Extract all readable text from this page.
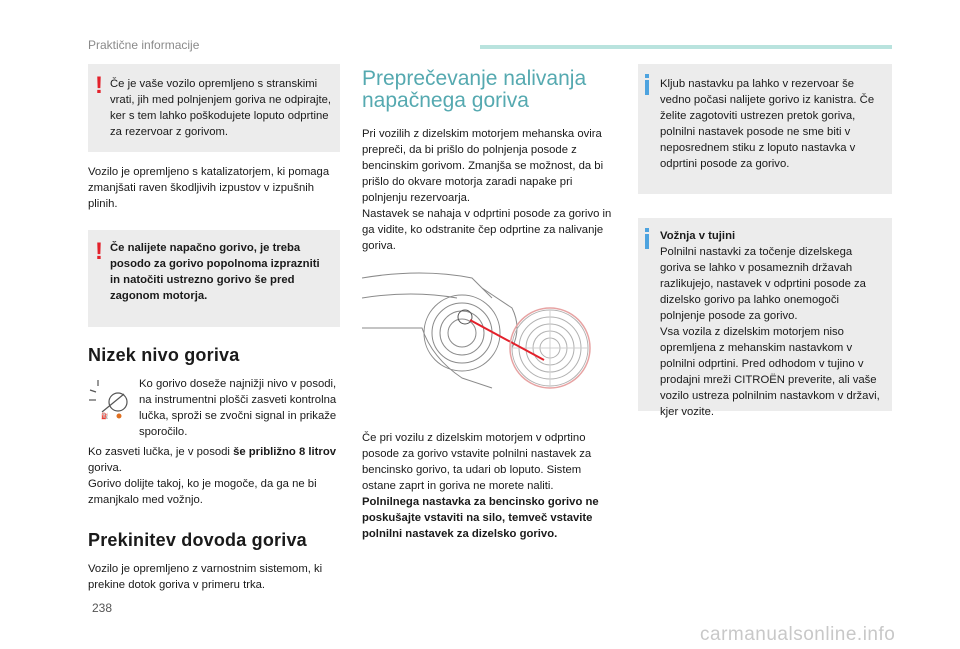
Praktične informacije
! Če je vaše vozilo opremljeno s stranskimi vrati, jih med polnjenjem goriva ne odpirajte, ker s tem lahko poškodujete loputo odprtine za rezervoar z gorivom.

Vozilo je opremljeno s katalizatorjem, ki pomaga zmanjšati raven škodljivih izpustov v izpušnih plinih.

! Če nalijete napačno gorivo, je treba posodo za gorivo popolnoma izprazniti in natočiti ustrezno gorivo še pred zagonom motorja.

Nizek nivo goriva
⛽

Ko gorivo doseže najnižji nivo v posodi, na instrumentni plošči zasveti kontrolna lučka, sproži se zvočni signal in prikaže sporočilo.

Ko zasveti lučka, je v posodi še približno 8 litrov goriva.

Gorivo dolijte takoj, ko je mogoče, da ga ne bi zmanjkalo med vožnjo.

Prekinitev dovoda goriva

Vozilo je opremljeno z varnostnim sistemom, ki prekine dotok goriva v primeru trka.

Preprečevanje nalivanja
napačnega goriva

Pri vozilih z dizelskim motorjem mehanska ovira prepreči, da bi prišlo do polnjenja posode z bencinskim gorivom. Zmanjša se možnost, da bi prišlo do okvare motorja zaradi napake pri polnjenju rezervoarja.

Nastavek se nahaja v odprtini posode za gorivo in ga vidite, ko odstranite čep odprtine za nalivanje goriva.

Če pri vozilu z dizelskim motorjem v odprtino posode za gorivo vstavite polnilni nastavek za bencinsko gorivo, ta udari ob loputo. Sistem ostane zaprt in goriva ne morete naliti.

Polnilnega nastavka za bencinsko gorivo ne poskušajte vstaviti na silo, temveč vstavite polnilni nastavek za dizelsko gorivo.

Kljub nastavku pa lahko v rezervoar še vedno počasi nalijete gorivo iz kanistra. Če želite zagotoviti ustrezen pretok goriva, polnilni nastavek posode ne sme biti v neposrednem stiku z loputo nastavka v odprtini posode za gorivo.

Vožnja v tujini

Polnilni nastavki za točenje dizelskega goriva se lahko v posameznih državah razlikujejo, nastavek v odprtini posode za dizelsko gorivo pa lahko onemogoči polnjenje posode za gorivo.

Vsa vozila z dizelskim motorjem niso opremljena z mehanskim nastavkom v polnilni odprtini. Pred odhodom v tujino v prodajni mreži CITROËN preverite, ali vaše vozilo ustreza polnilnim nastavkom v državi, kjer vozite.

238
carmanualsonline.info
